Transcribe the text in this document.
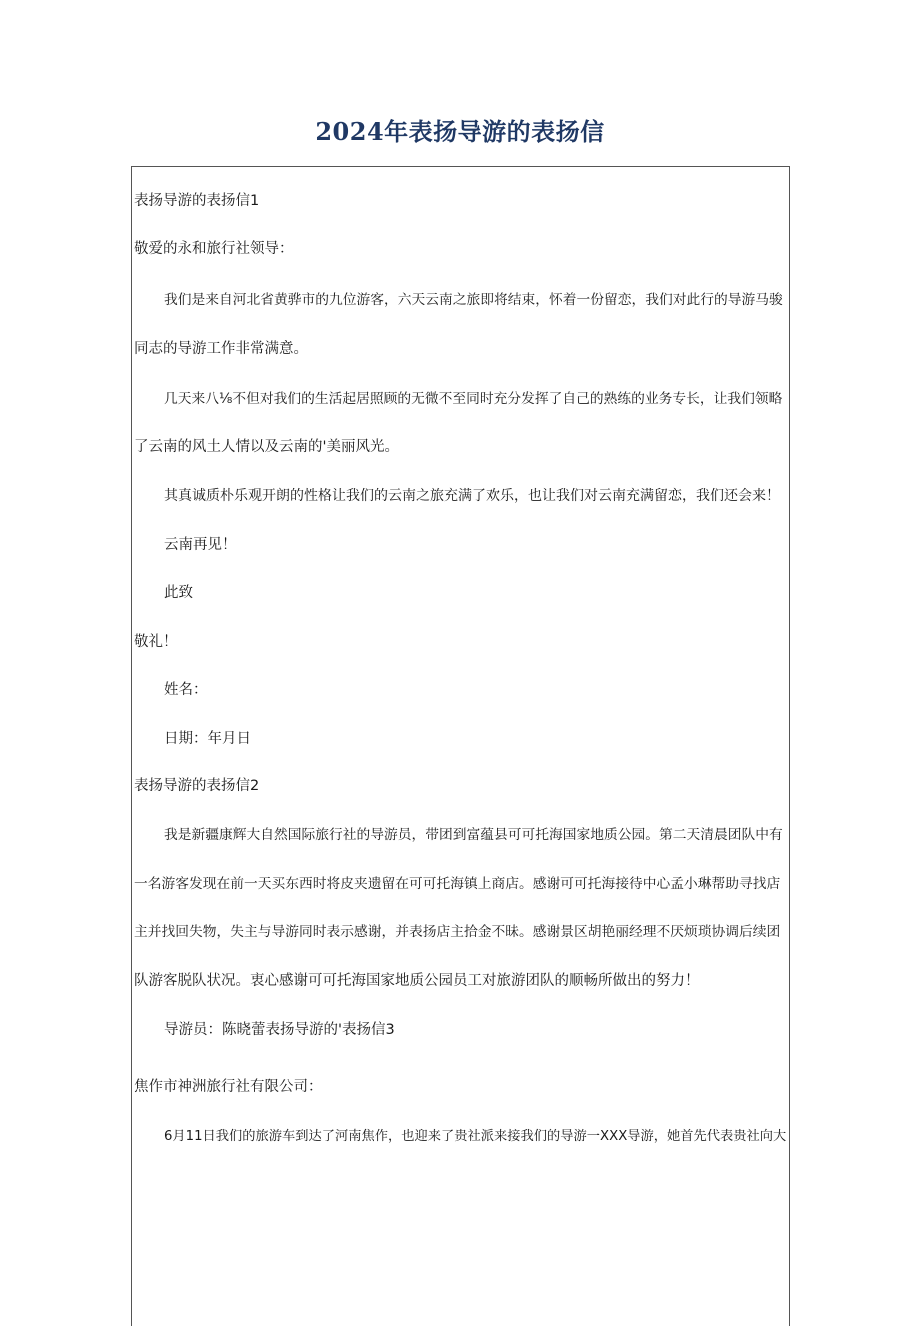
2024年表扬导游的表扬信
表扬导游的表扬信1
敬爱的永和旅行社领导：
我们是来自河北省黄骅市的九位游客，六天云南之旅即将结束，怀着一份留恋，我们对此行的导游马骏
同志的导游工作非常满意。
几天来八⅛不但对我们的生活起居照顾的无微不至同时充分发挥了自己的熟练的业务专长，让我们领略
了云南的风土人情以及云南的'美丽风光。
其真诚质朴乐观开朗的性格让我们的云南之旅充满了欢乐，也让我们对云南充满留恋，我们还会来！
云南再见！
此致
敬礼！
姓名：
日期：年月日
表扬导游的表扬信2
我是新疆康辉大自然国际旅行社的导游员，带团到富蕴县可可托海国家地质公园。第二天清晨团队中有
一名游客发现在前一天买东西时将皮夹遗留在可可托海镇上商店。感谢可可托海接待中心孟小琳帮助寻找店
主并找回失物，失主与导游同时表示感谢，并表扬店主拾金不昧。感谢景区胡艳丽经理不厌烦琐协调后续团
队游客脱队状况。衷心感谢可可托海国家地质公园员工对旅游团队的顺畅所做出的努力！
导游员：陈晓蕾表扬导游的'表扬信3
焦作市神洲旅行社有限公司：
6月11日我们的旅游车到达了河南焦作，也迎来了贵社派来接我们的导游一XXX导游，她首先代表贵社向大
